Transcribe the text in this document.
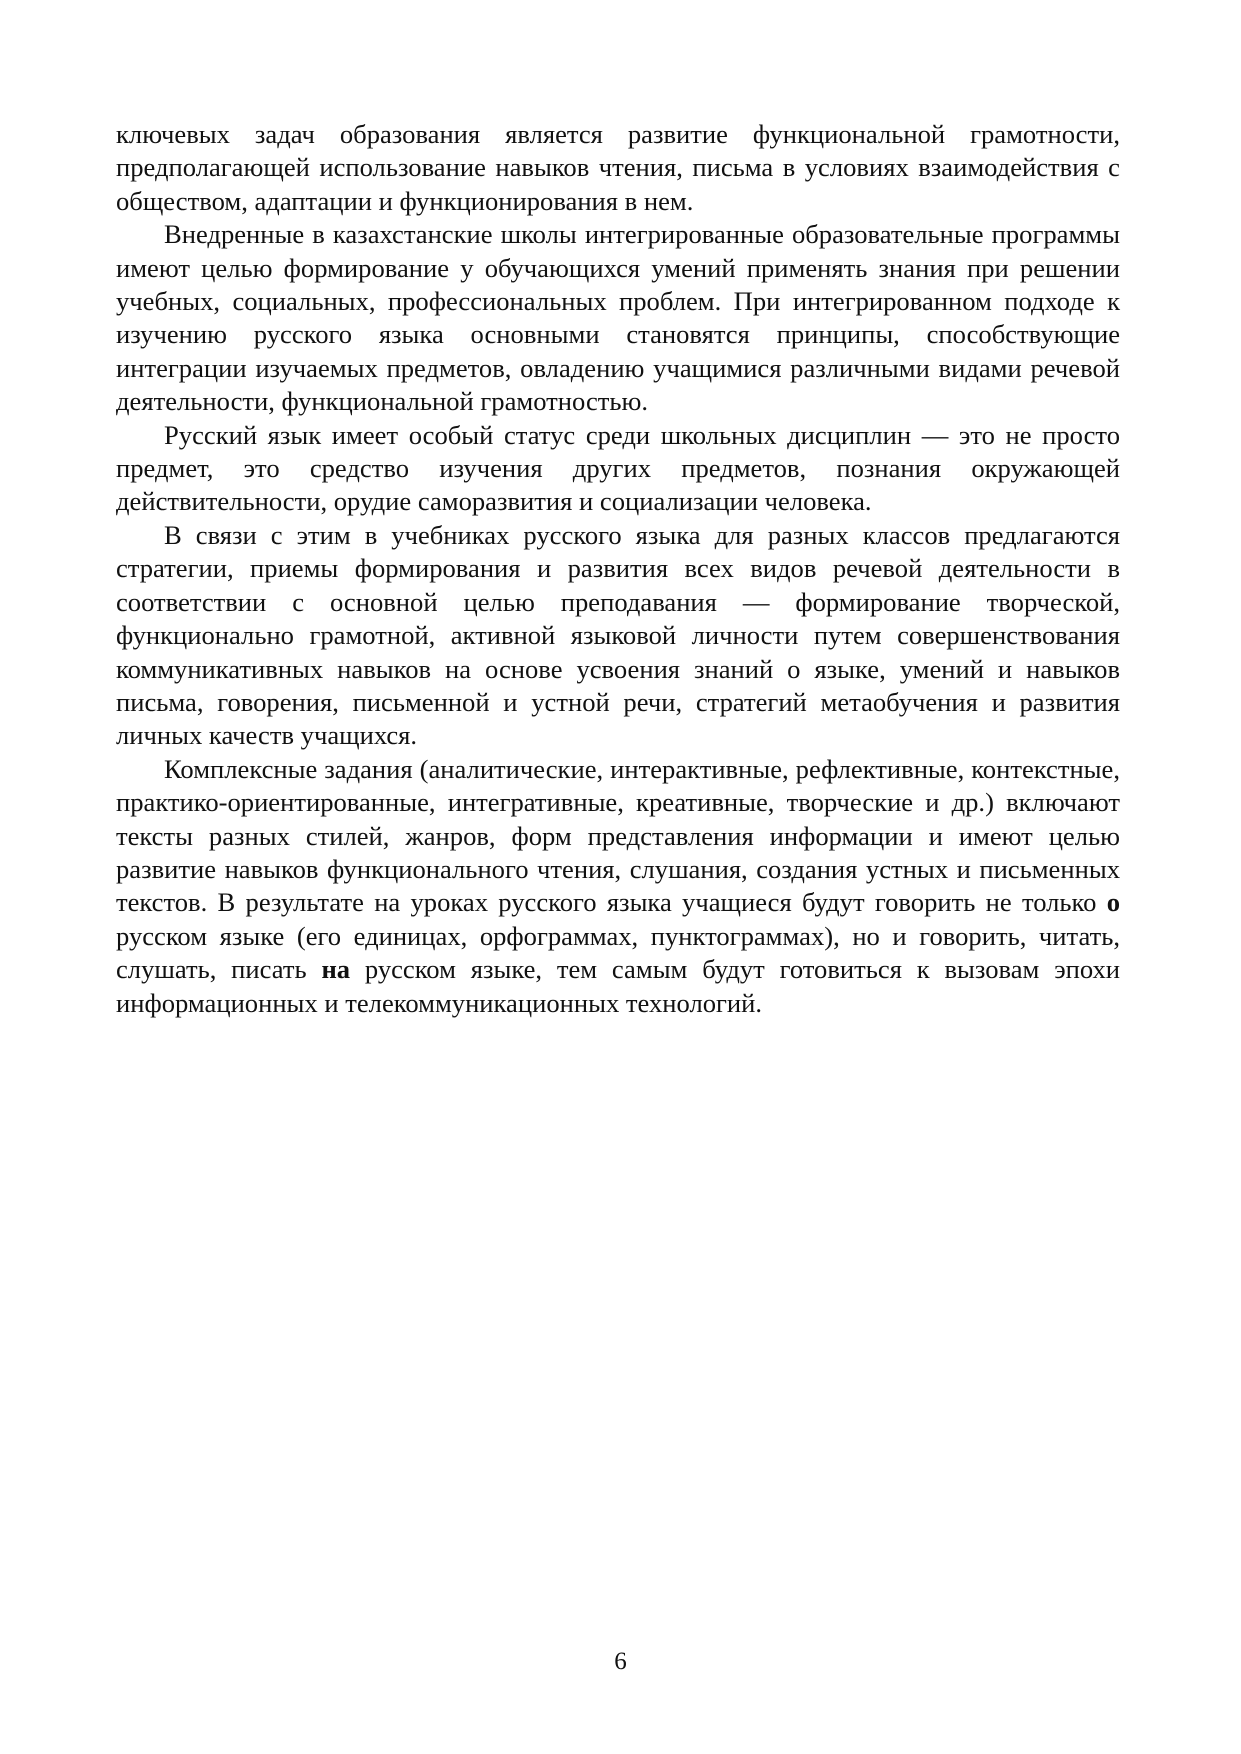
ключевых задач образования является развитие функциональной грамотности, предполагающей использование навыков чтения, письма в условиях взаимодействия с обществом, адаптации и функционирования в нем.

Внедренные в казахстанские школы интегрированные образовательные программы имеют целью формирование у обучающихся умений применять знания при решении учебных, социальных, профессиональных проблем. При интегрированном подходе к изучению русского языка основными становятся принципы, способствующие интеграции изучаемых предметов, овладению учащимися различными видами речевой деятельности, функциональной грамотностью.

Русский язык имеет особый статус среди школьных дисциплин — это не просто предмет, это средство изучения других предметов, познания окружающей действительности, орудие саморазвития и социализации человека.

В связи с этим в учебниках русского языка для разных классов предлагаются стратегии, приемы формирования и развития всех видов речевой деятельности в соответствии с основной целью преподавания — формирование творческой, функционально грамотной, активной языковой личности путем совершенствования коммуникативных навыков на основе усвоения знаний о языке, умений и навыков письма, говорения, письменной и устной речи, стратегий метаобучения и развития личных качеств учащихся.

Комплексные задания (аналитические, интерактивные, рефлективные, контекстные, практико-ориентированные, интегративные, креативные, творческие и др.) включают тексты разных стилей, жанров, форм представления информации и имеют целью развитие навыков функционального чтения, слушания, создания устных и письменных текстов. В результате на уроках русского языка учащиеся будут говорить не только о русском языке (его единицах, орфограммах, пунктограммах), но и говорить, читать, слушать, писать на русском языке, тем самым будут готовиться к вызовам эпохи информационных и телекоммуникационных технологий.

6
